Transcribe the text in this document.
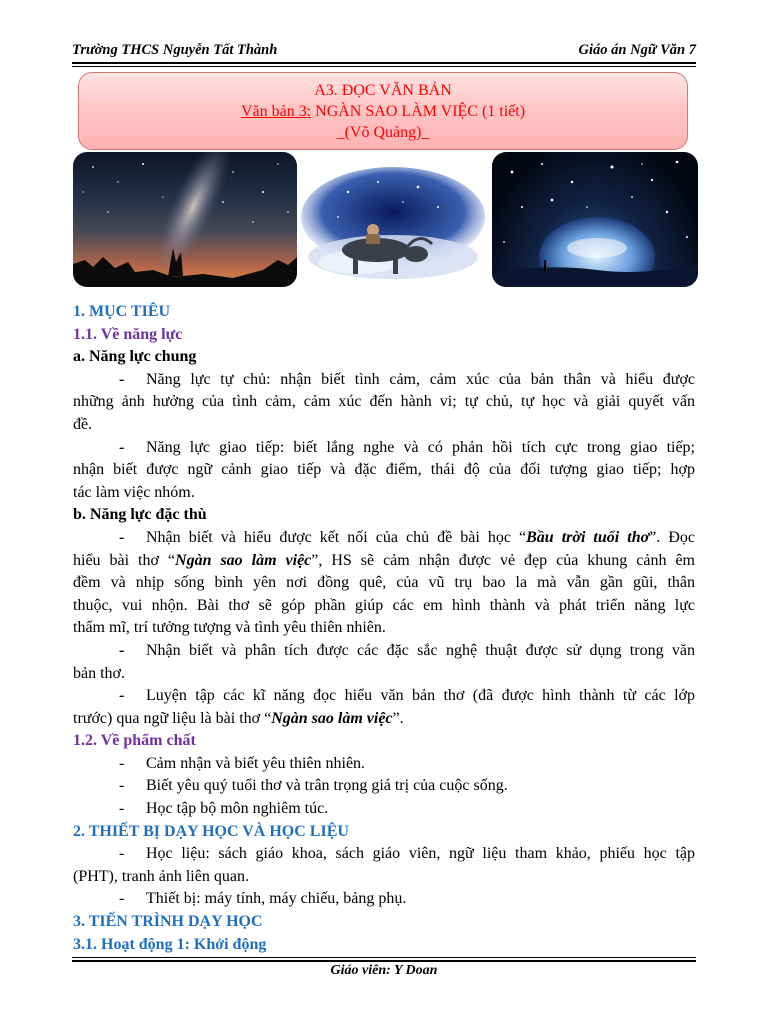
Trường THCS Nguyễn Tất Thành	Giáo án Ngữ Văn 7
A3. ĐỌC VĂN BẢN
Văn bản 3: NGÀN SAO LÀM VIỆC (1 tiết)
_(Võ Quảng)_
1. MỤC TIÊU
1.1. Về năng lực
a. Năng lực chung
- Năng lực tự chủ: nhận biết tình cảm, cảm xúc của bản thân và hiểu được
những ảnh hưởng của tình cảm, cảm xúc đến hành vi; tự chủ, tự học và giải quyết vấn
đề.
- Năng lực giao tiếp: biết lắng nghe và có phản hồi tích cực trong giao tiếp;
nhận biết được ngữ cảnh giao tiếp và đặc điểm, thái độ của đối tượng giao tiếp; hợp
tác làm việc nhóm.
b. Năng lực đặc thù
- Nhận biết và hiểu được kết nối của chủ đề bài học “Bầu trời tuổi thơ”. Đọc
hiểu bài thơ “Ngàn sao làm việc”, HS sẽ cảm nhận được vẻ đẹp của khung cảnh êm
đềm và nhịp sống bình yên nơi đồng quê, của vũ trụ bao la mà vẫn gần gũi, thân
thuộc, vui nhộn. Bài thơ sẽ góp phần giúp các em hình thành và phát triển năng lực
thẩm mĩ, trí tưởng tượng và tình yêu thiên nhiên.
- Nhận biết và phân tích được các đặc sắc nghệ thuật được sử dụng trong văn
bản thơ.
- Luyện tập các kĩ năng đọc hiểu văn bản thơ (đã được hình thành từ các lớp
trước) qua ngữ liệu là bài thơ “Ngàn sao làm việc”.
1.2. Về phẩm chất
- Cảm nhận và biết yêu thiên nhiên.
- Biết yêu quý tuổi thơ và trân trọng giá trị của cuộc sống.
- Học tập bộ môn nghiêm túc.
2. THIẾT BỊ DẠY HỌC VÀ HỌC LIỆU
- Học liệu: sách giáo khoa, sách giáo viên, ngữ liệu tham khảo, phiếu học tập
(PHT), tranh ảnh liên quan.
- Thiết bị: máy tính, máy chiếu, bảng phụ.
3. TIẾN TRÌNH DẠY HỌC
3.1. Hoạt động 1: Khởi động
Giáo viên: Y Doan
